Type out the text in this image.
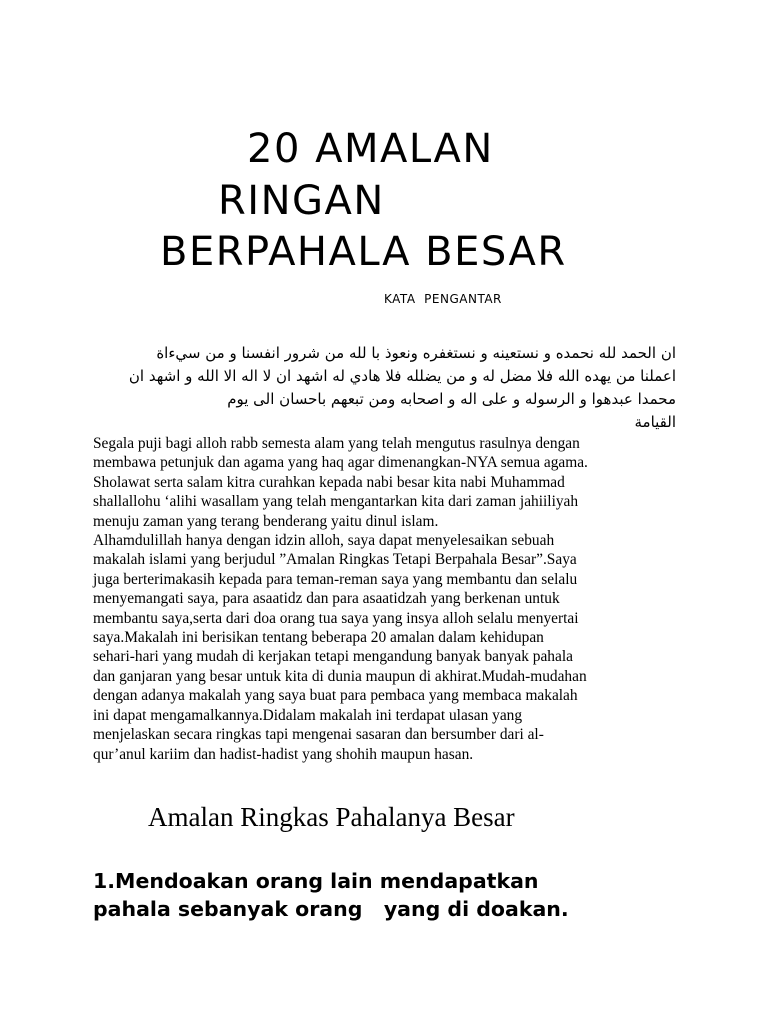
20 AMALAN
RINGAN
BERPAHALA BESAR
KATA  PENGANTAR
ان الحمد لله نحمده و نستعينه و نستغفره ونعوذ با لله من شرور انفسنا و من سيءاة
اعملنا من يهده الله فلا مضل له و من يضلله فلا هادي له اشهد ان لا اله الا الله و اشهد ان
محمدا عبدهوا و الرسوله و على اله و اصحابه ومن تبعهم باحسان الى يوم
القيامة
Segala puji bagi alloh rabb semesta alam yang telah mengutus rasulnya dengan
membawa petunjuk dan agama yang haq agar dimenangkan-NYA semua agama.
Sholawat serta salam kitra curahkan kepada nabi besar kita nabi Muhammad
shallallohu ‘alihi wasallam yang telah mengantarkan kita dari zaman jahiiliyah
menuju zaman yang terang benderang yaitu dinul islam.
Alhamdulillah hanya dengan idzin alloh, saya dapat menyelesaikan sebuah
makalah islami yang berjudul ”Amalan Ringkas Tetapi Berpahala Besar”.Saya
juga berterimakasih kepada para teman-reman saya yang membantu dan selalu
menyemangati saya, para asaatidz dan para asaatidzah yang berkenan untuk
membantu saya,serta dari doa orang tua saya yang insya alloh selalu menyertai
saya.Makalah ini berisikan tentang beberapa 20 amalan dalam kehidupan
sehari-hari yang mudah di kerjakan tetapi mengandung banyak banyak pahala
dan ganjaran yang besar untuk kita di dunia maupun di akhirat.Mudah-mudahan
dengan adanya makalah yang saya buat para pembaca yang membaca makalah
ini dapat mengamalkannya.Didalam makalah ini terdapat ulasan yang
menjelaskan secara ringkas tapi mengenai sasaran dan bersumber dari al-
qur’anul kariim dan hadist-hadist yang shohih maupun hasan.
Amalan Ringkas Pahalanya Besar
1.Mendoakan orang lain mendapatkan
pahala sebanyak orang   yang di doakan.
